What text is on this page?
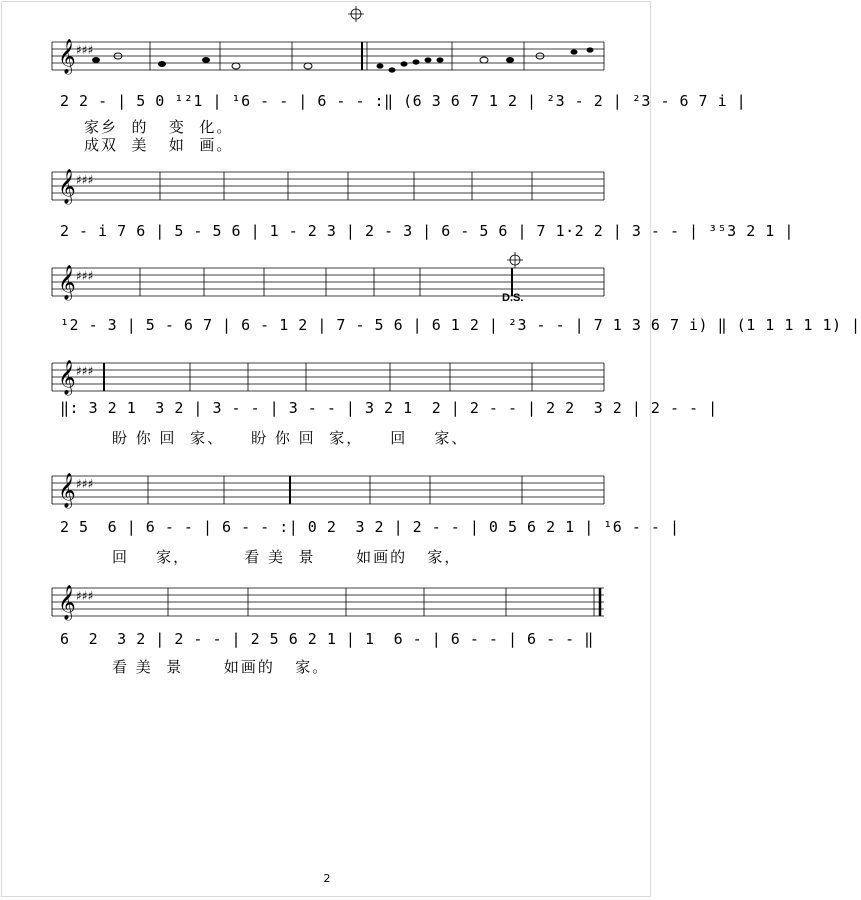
𝄞 ♯♯♯
2 2 - | 5 0 ¹²1 | ¹6 - - | 6 - - :‖ (6 3 6 7 1 2 | ²3 - 2 | ²3 - 6 7 i |
家乡  的   变  化。
成双  美   如  画。
𝄞 ♯♯♯
2 - i 7 6 | 5 - 5 6 | 1 - 2 3 | 2 - 3 | 6 - 5 6 | 7 1·2 2 | 3 - - | ³⁵3 2 1 |
𝄞 ♯♯♯
D.S.
¹2 - 3 | 5 - 6 7 | 6 - 1 2 | 7 - 5 6 | 6 1 2 | ²3 - - | 7 1 3 6 7 i) ‖ (1 1 1 1 1) |
𝄞 ♯♯♯
‖: 3 2 1  3 2 | 3 - - | 3 - - | 3 2 1  2 | 2 - - | 2 2  3 2 | 2 - - |
盼 你 回  家、    盼 你 回  家，    回    家、
𝄞 ♯♯♯
2 5  6 | 6 - - | 6 - - :| 0 2  3 2 | 2 - - | 0 5 6 2 1 | ¹6 - - |
回    家，        看 美  景      如画的   家，
𝄞 ♯♯♯
6  2  3 2 | 2 - - | 2 5 6 2 1 | 1  6 - | 6 - - | 6 - - ‖
看 美  景      如画的   家。
2
